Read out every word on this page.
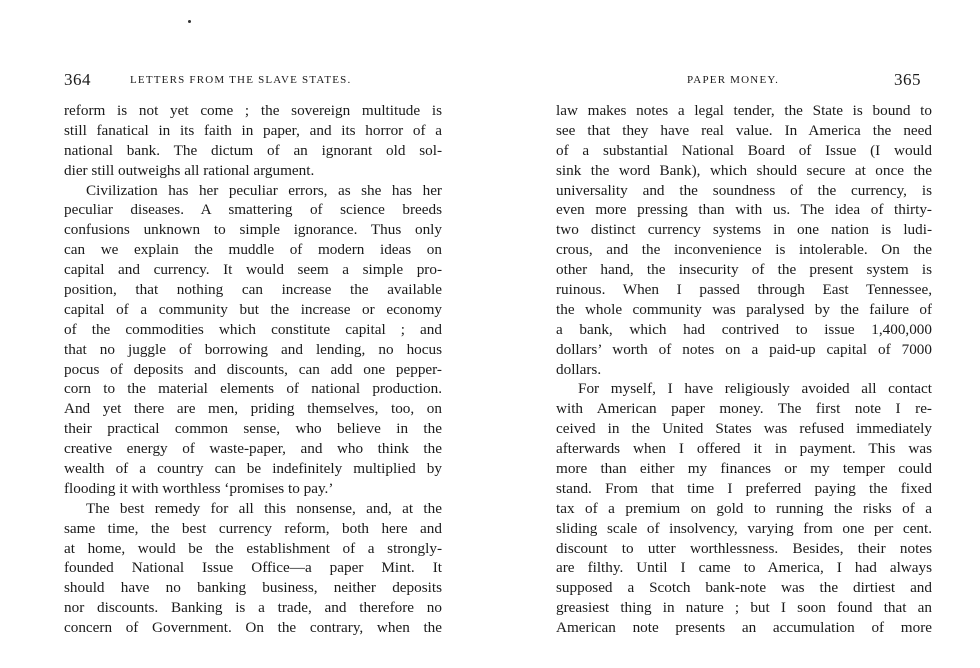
364	LETTERS FROM THE SLAVE STATES.
reform is not yet come ; the sovereign multitude is
still fanatical in its faith in paper, and its horror of a
national bank. The dictum of an ignorant old sol-
dier still outweighs all rational argument.
Civilization has her peculiar errors, as she has her
peculiar diseases. A smattering of science breeds
confusions unknown to simple ignorance. Thus only
can we explain the muddle of modern ideas on
capital and currency. It would seem a simple pro-
position, that nothing can increase the available
capital of a community but the increase or economy
of the commodities which constitute capital ; and
that no juggle of borrowing and lending, no hocus
pocus of deposits and discounts, can add one pepper-
corn to the material elements of national production.
And yet there are men, priding themselves, too, on
their practical common sense, who believe in the
creative energy of waste-paper, and who think the
wealth of a country can be indefinitely multiplied by
flooding it with worthless ‘promises to pay.’
The best remedy for all this nonsense, and, at the
same time, the best currency reform, both here and
at home, would be the establishment of a strongly-
founded National Issue Office—a paper Mint. It
should have no banking business, neither deposits
nor discounts. Banking is a trade, and therefore no
concern of Government. On the contrary, when the
PAPER MONEY.	365
law makes notes a legal tender, the State is bound to
see that they have real value. In America the need
of a substantial National Board of Issue (I would
sink the word Bank), which should secure at once the
universality and the soundness of the currency, is
even more pressing than with us. The idea of thirty-
two distinct currency systems in one nation is ludi-
crous, and the inconvenience is intolerable. On the
other hand, the insecurity of the present system is
ruinous. When I passed through East Tennessee,
the whole community was paralysed by the failure of
a bank, which had contrived to issue 1,400,000
dollars’ worth of notes on a paid-up capital of 7000
dollars.
For myself, I have religiously avoided all contact
with American paper money. The first note I re-
ceived in the United States was refused immediately
afterwards when I offered it in payment. This was
more than either my finances or my temper could
stand. From that time I preferred paying the fixed
tax of a premium on gold to running the risks of a
sliding scale of insolvency, varying from one per cent.
discount to utter worthlessness. Besides, their notes
are filthy. Until I came to America, I had always
supposed a Scotch bank-note was the dirtiest and
greasiest thing in nature ; but I soon found that an
American note presents an accumulation of more
